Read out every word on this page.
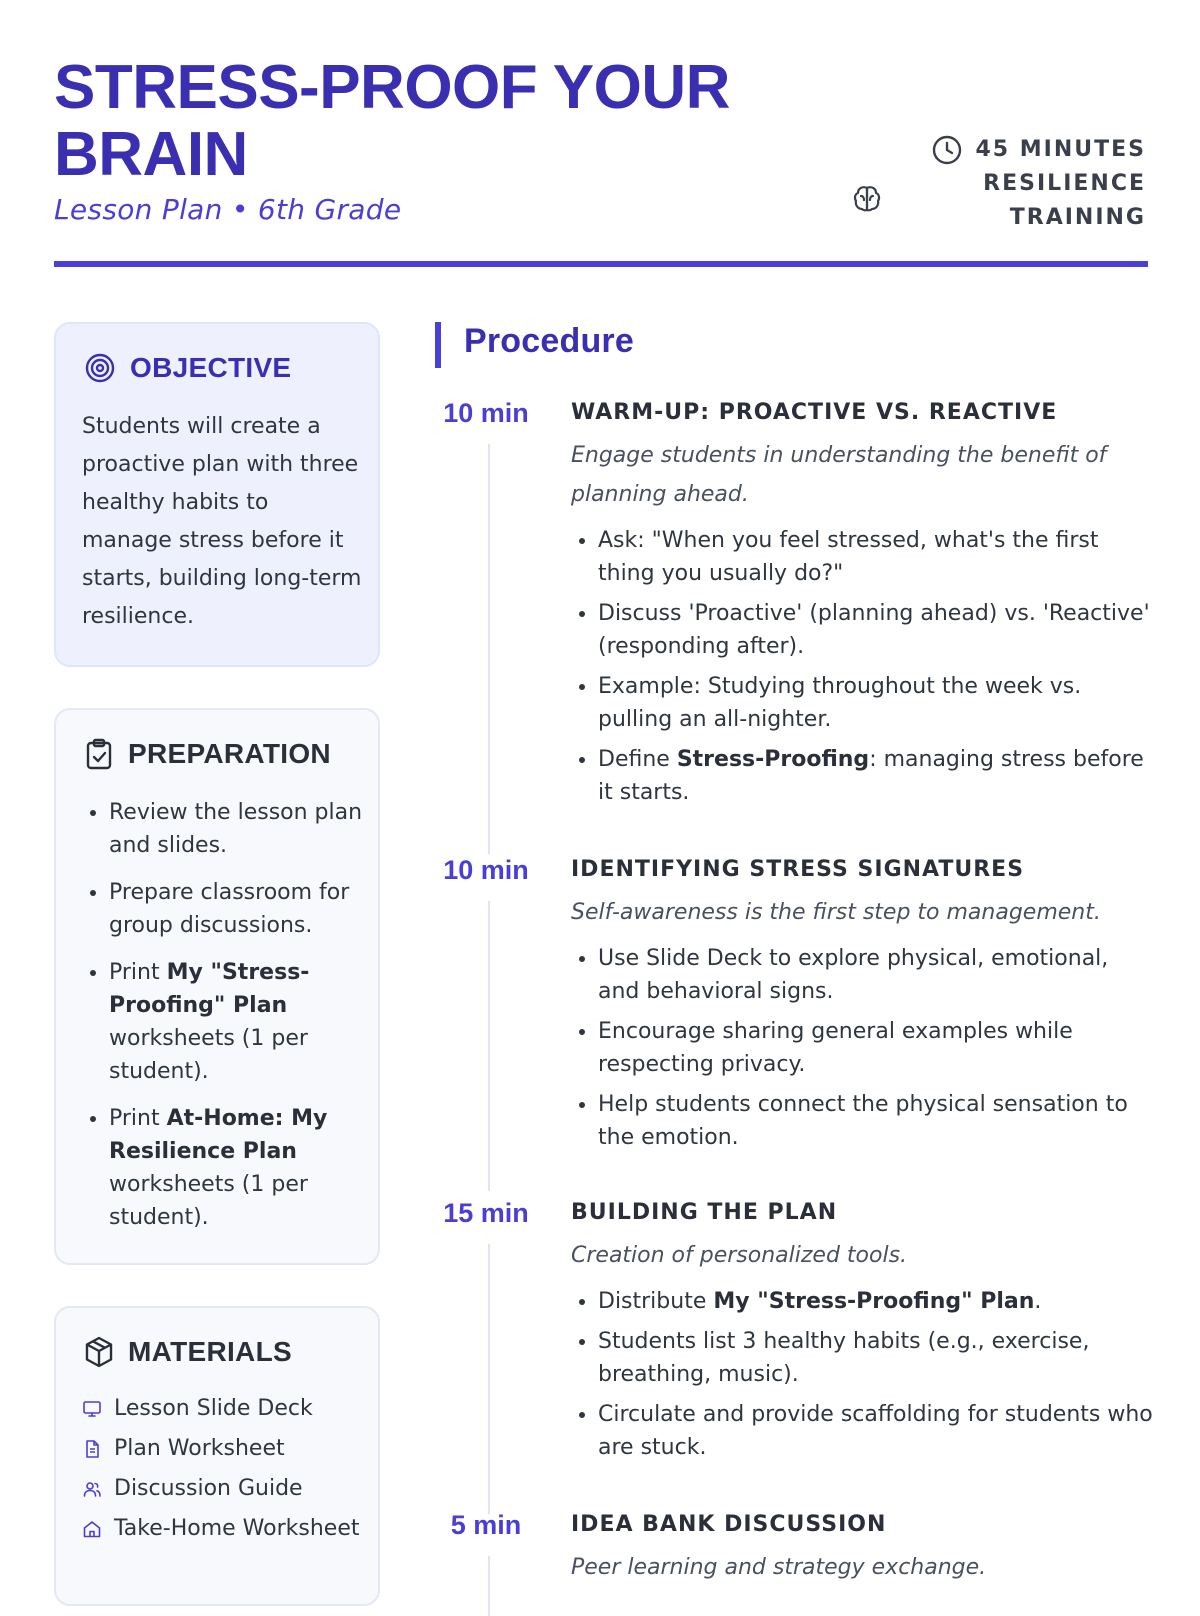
STRESS-PROOF YOUR
BRAIN

Lesson Plan • 6th Grade

45 MINUTES
RESILIENCE
TRAINING
OBJECTIVE

Students will create a proactive plan with three healthy habits to manage stress before it starts, building long-term resilience.

PREPARATION
• Review the lesson plan and slides.
• Prepare classroom for group discussions.
• Print My "Stress-Proofing" Plan worksheets (1 per student).
• Print At-Home: My Resilience Plan worksheets (1 per student).
MATERIALS
Lesson Slide Deck
Plan Worksheet
Discussion Guide
Take-Home Worksheet
Procedure
10 min	WARM-UP: PROACTIVE VS. REACTIVE

Engage students in understanding the benefit of planning ahead.

• Ask: "When you feel stressed, what's the first thing you usually do?"
• Discuss 'Proactive' (planning ahead) vs. 'Reactive' (responding after).
• Example: Studying throughout the week vs. pulling an all-nighter.
• Define Stress-Proofing: managing stress before it starts.
10 min	IDENTIFYING STRESS SIGNATURES

Self-awareness is the first step to management.

• Use Slide Deck to explore physical, emotional, and behavioral signs.
• Encourage sharing general examples while respecting privacy.
• Help students connect the physical sensation to the emotion.
15 min	BUILDING THE PLAN

Creation of personalized tools.

• Distribute My "Stress-Proofing" Plan.
• Students list 3 healthy habits (e.g., exercise, breathing, music).
• Circulate and provide scaffolding for students who are stuck.
5 min	IDEA BANK DISCUSSION

Peer learning and strategy exchange.
